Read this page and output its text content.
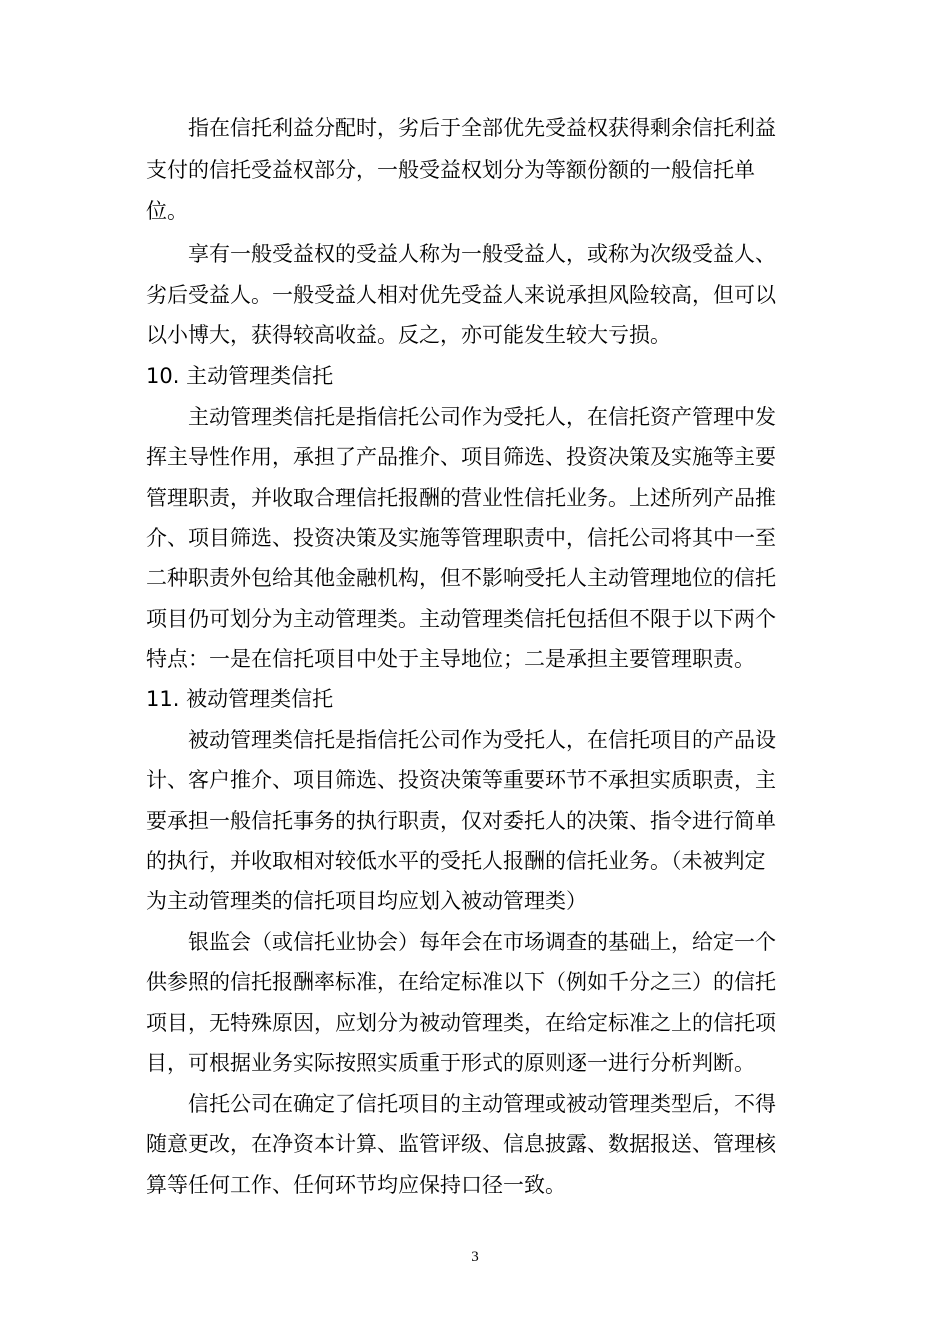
指在信托利益分配时，劣后于全部优先受益权获得剩余信托利益
支付的信托受益权部分，一般受益权划分为等额份额的一般信托单
位。
享有一般受益权的受益人称为一般受益人，或称为次级受益人、
劣后受益人。一般受益人相对优先受益人来说承担风险较高，但可以
以小博大，获得较高收益。反之，亦可能发生较大亏损。
10. 主动管理类信托
主动管理类信托是指信托公司作为受托人，在信托资产管理中发
挥主导性作用，承担了产品推介、项目筛选、投资决策及实施等主要
管理职责，并收取合理信托报酬的营业性信托业务。上述所列产品推
介、项目筛选、投资决策及实施等管理职责中，信托公司将其中一至
二种职责外包给其他金融机构，但不影响受托人主动管理地位的信托
项目仍可划分为主动管理类。主动管理类信托包括但不限于以下两个
特点：一是在信托项目中处于主导地位；二是承担主要管理职责。
11. 被动管理类信托
被动管理类信托是指信托公司作为受托人，在信托项目的产品设
计、客户推介、项目筛选、投资决策等重要环节不承担实质职责，主
要承担一般信托事务的执行职责，仅对委托人的决策、指令进行简单
的执行，并收取相对较低水平的受托人报酬的信托业务。（未被判定
为主动管理类的信托项目均应划入被动管理类）
银监会（或信托业协会）每年会在市场调查的基础上，给定一个
供参照的信托报酬率标准，在给定标准以下（例如千分之三）的信托
项目，无特殊原因，应划分为被动管理类，在给定标准之上的信托项
目，可根据业务实际按照实质重于形式的原则逐一进行分析判断。
信托公司在确定了信托项目的主动管理或被动管理类型后，不得
随意更改，在净资本计算、监管评级、信息披露、数据报送、管理核
算等任何工作、任何环节均应保持口径一致。
3
